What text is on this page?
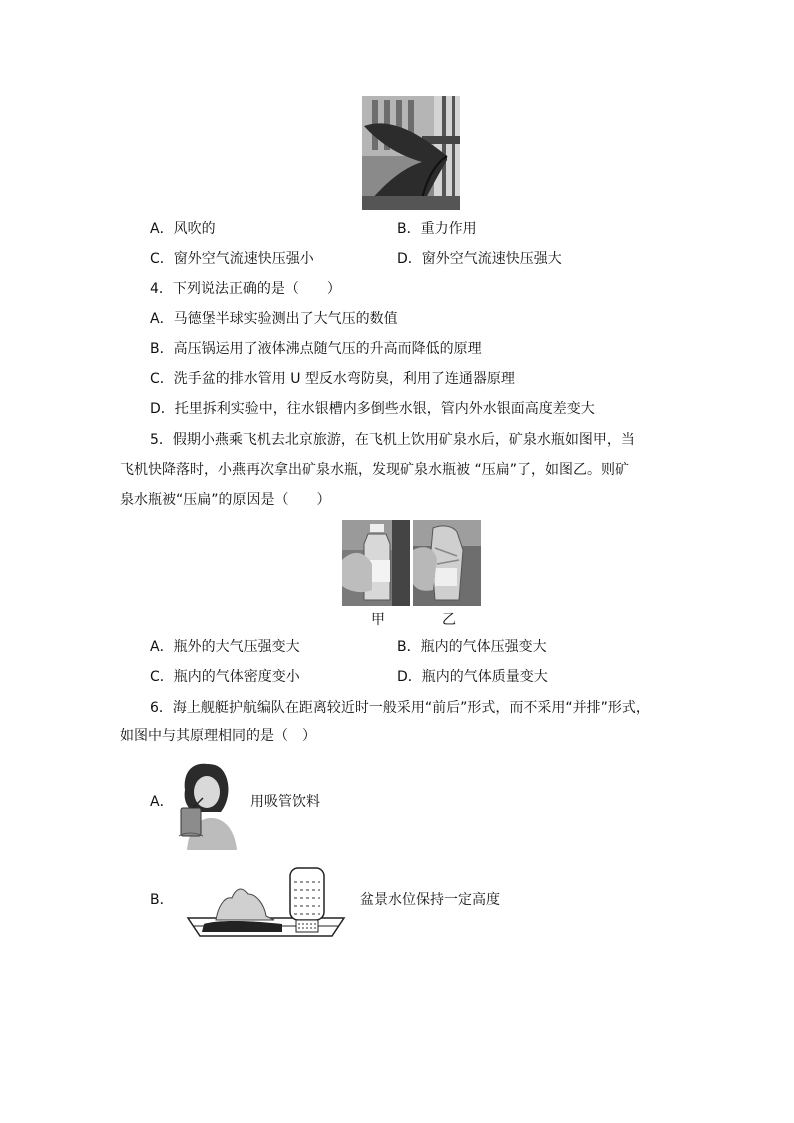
A．风吹的	B．重力作用
C．窗外空气流速快压强小	D．窗外空气流速快压强大
4．下列说法正确的是（　　）
A．马德堡半球实验测出了大气压的数值
B．高压锅运用了液体沸点随气压的升高而降低的原理
C．洗手盆的排水管用 U 型反水弯防臭，利用了连通器原理
D．托里拆利实验中，往水银槽内多倒些水银，管内外水银面高度差变大
5．假期小燕乘飞机去北京旅游，在飞机上饮用矿泉水后，矿泉水瓶如图甲，当
飞机快降落时，小燕再次拿出矿泉水瓶，发现矿泉水瓶被 “压扁”了，如图乙。则矿
泉水瓶被“压扁”的原因是（　　）
甲	乙
A．瓶外的大气压强变大	B．瓶内的气体压强变大
C．瓶内的气体密度变小	D．瓶内的气体质量变大
6．海上舰艇护航编队在距离较近时一般采用“前后”形式，而不采用“并排”形式，
如图中与其原理相同的是（　）
A．	用吸管饮料
B．	盆景水位保持一定高度
